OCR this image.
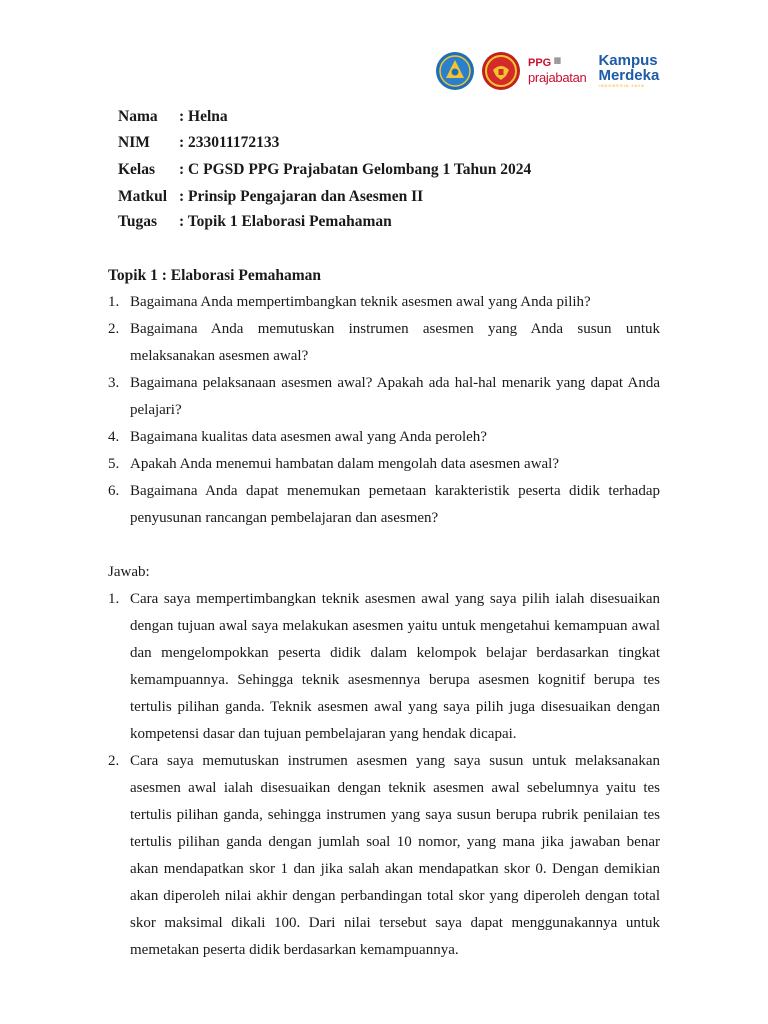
PPG ███
███
prajabatan
Kampus
Merdeka
INDONESIA JAYA
Nama	: Helna
NIM	: 233011172133
Kelas	: C PGSD PPG Prajabatan Gelombang 1 Tahun 2024
Matkul : Prinsip Pengajaran dan Asesmen II
Tugas	: Topik 1 Elaborasi Pemahaman
Topik 1 : Elaborasi Pemahaman
1. Bagaimana Anda mempertimbangkan teknik asesmen awal yang Anda pilih?
2. Bagaimana Anda memutuskan instrumen asesmen yang Anda susun untuk melaksanakan asesmen awal?
3. Bagaimana pelaksanaan asesmen awal? Apakah ada hal-hal menarik yang dapat Anda pelajari?
4. Bagaimana kualitas data asesmen awal yang Anda peroleh?
5. Apakah Anda menemui hambatan dalam mengolah data asesmen awal?
6. Bagaimana Anda dapat menemukan pemetaan karakteristik peserta didik terhadap penyusunan rancangan pembelajaran dan asesmen?
Jawab:
1. Cara saya mempertimbangkan teknik asesmen awal yang saya pilih ialah disesuaikan dengan tujuan awal saya melakukan asesmen yaitu untuk mengetahui kemampuan awal dan mengelompokkan peserta didik dalam kelompok belajar berdasarkan tingkat kemampuannya. Sehingga teknik asesmennya berupa asesmen kognitif berupa tes tertulis pilihan ganda. Teknik asesmen awal yang saya pilih juga disesuaikan dengan kompetensi dasar dan tujuan pembelajaran yang hendak dicapai.
2. Cara saya memutuskan instrumen asesmen yang saya susun untuk melaksanakan asesmen awal ialah disesuaikan dengan teknik asesmen awal sebelumnya yaitu tes tertulis pilihan ganda, sehingga instrumen yang saya susun berupa rubrik penilaian tes tertulis pilihan ganda dengan jumlah soal 10 nomor, yang mana jika jawaban benar akan mendapatkan skor 1 dan jika salah akan mendapatkan skor 0. Dengan demikian akan diperoleh nilai akhir dengan perbandingan total skor yang diperoleh dengan total skor maksimal dikali 100. Dari nilai tersebut saya dapat menggunakannya untuk memetakan peserta didik berdasarkan kemampuannya.
